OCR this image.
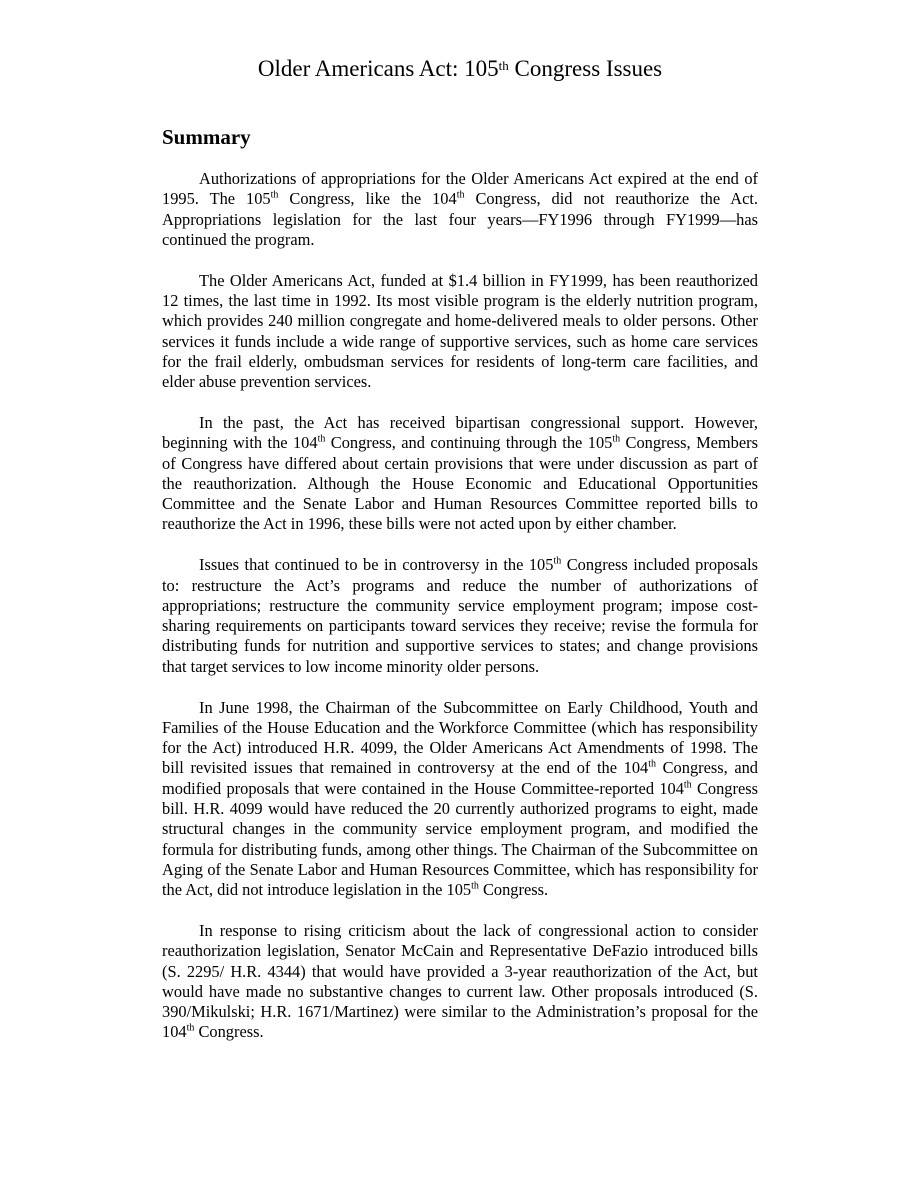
Older Americans Act: 105th Congress Issues
Summary

Authorizations of appropriations for the Older Americans Act expired at the end of 1995. The 105th Congress, like the 104th Congress, did not reauthorize the Act. Appropriations legislation for the last four years—FY1996 through FY1999—has continued the program.

The Older Americans Act, funded at $1.4 billion in FY1999, has been reauthorized 12 times, the last time in 1992. Its most visible program is the elderly nutrition program, which provides 240 million congregate and home-delivered meals to older persons. Other services it funds include a wide range of supportive services, such as home care services for the frail elderly, ombudsman services for residents of long-term care facilities, and elder abuse prevention services.

In the past, the Act has received bipartisan congressional support. However, beginning with the 104th Congress, and continuing through the 105th Congress, Members of Congress have differed about certain provisions that were under discussion as part of the reauthorization. Although the House Economic and Educational Opportunities Committee and the Senate Labor and Human Resources Committee reported bills to reauthorize the Act in 1996, these bills were not acted upon by either chamber.

Issues that continued to be in controversy in the 105th Congress included proposals to: restructure the Act’s programs and reduce the number of authorizations of appropriations; restructure the community service employment program; impose cost-sharing requirements on participants toward services they receive; revise the formula for distributing funds for nutrition and supportive services to states; and change provisions that target services to low income minority older persons.

In June 1998, the Chairman of the Subcommittee on Early Childhood, Youth and Families of the House Education and the Workforce Committee (which has responsibility for the Act) introduced H.R. 4099, the Older Americans Act Amendments of 1998. The bill revisited issues that remained in controversy at the end of the 104th Congress, and modified proposals that were contained in the House Committee-reported 104th Congress bill. H.R. 4099 would have reduced the 20 currently authorized programs to eight, made structural changes in the community service employment program, and modified the formula for distributing funds, among other things. The Chairman of the Subcommittee on Aging of the Senate Labor and Human Resources Committee, which has responsibility for the Act, did not introduce legislation in the 105th Congress.

In response to rising criticism about the lack of congressional action to consider reauthorization legislation, Senator McCain and Representative DeFazio introduced bills (S. 2295/ H.R. 4344) that would have provided a 3-year reauthorization of the Act, but would have made no substantive changes to current law. Other proposals introduced (S. 390/Mikulski; H.R. 1671/Martinez) were similar to the Administration’s proposal for the 104th Congress.
